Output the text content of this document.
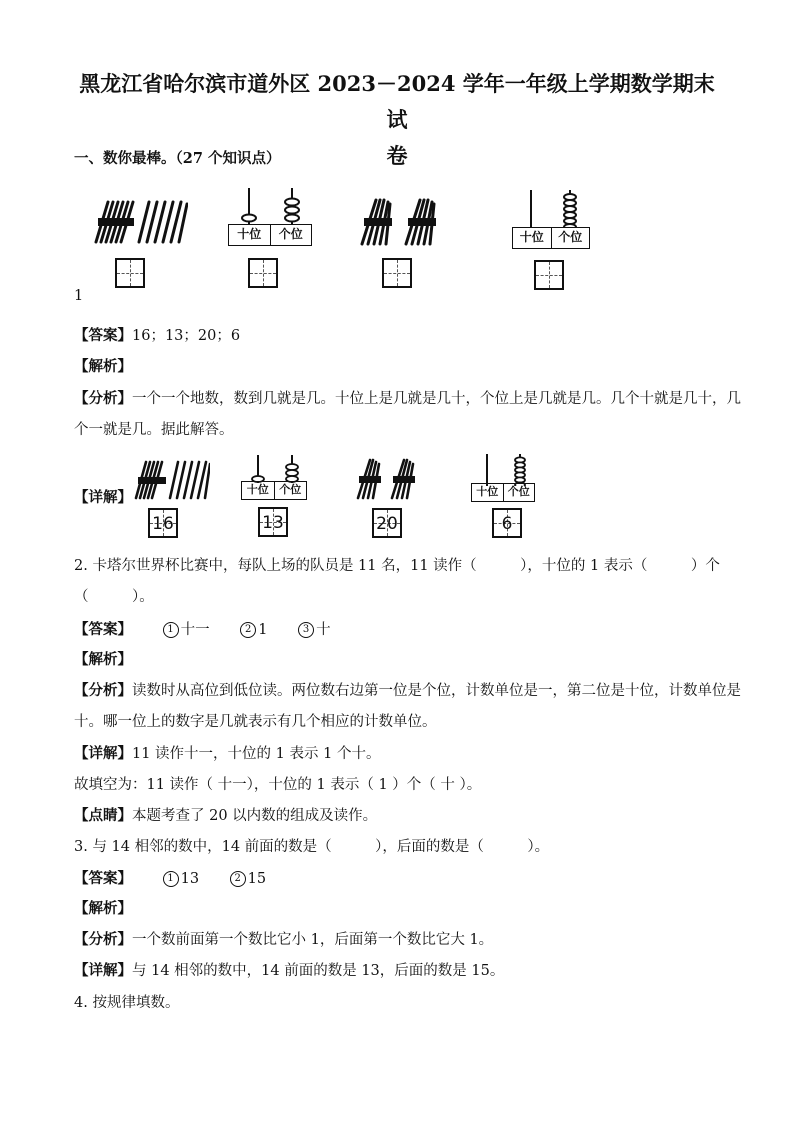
黑龙江省哈尔滨市道外区 2023－2024 学年一年级上学期数学期末试
卷
一、数你最棒。（27 个知识点）
十位	个位	十位	个位
1
【答案】16；13；20；6
【解析】
【分析】一个一个地数，数到几就是几。十位上是几就是几十，个位上是几就是几。几个十就是几十，几
个一就是几。据此解答。
【详解】
16
十位 个位
13	20
十位 个位
6
2. 卡塔尔世界杯比赛中，每队上场的队员是 11 名，11 读作（　　　），十位的 1 表示（　　　）个
（　　　）。
【答案】	1 十一	2 1	3 十
【解析】
【分析】读数时从高位到低位读。两位数右边第一位是个位，计数单位是一，第二位是十位，计数单位是
十。哪一位上的数字是几就表示有几个相应的计数单位。
【详解】11 读作十一，十位的 1 表示 1 个十。
故填空为：11 读作（ 十一），十位的 1 表示（ 1 ）个（ 十 ）。
【点睛】本题考查了 20 以内数的组成及读作。
3. 与 14 相邻的数中，14 前面的数是（　　　），后面的数是（　　　）。
【答案】	1 13	2 15
【解析】
【分析】一个数前面第一个数比它小 1，后面第一个数比它大 1。
【详解】与 14 相邻的数中，14 前面的数是 13，后面的数是 15。
4. 按规律填数。
